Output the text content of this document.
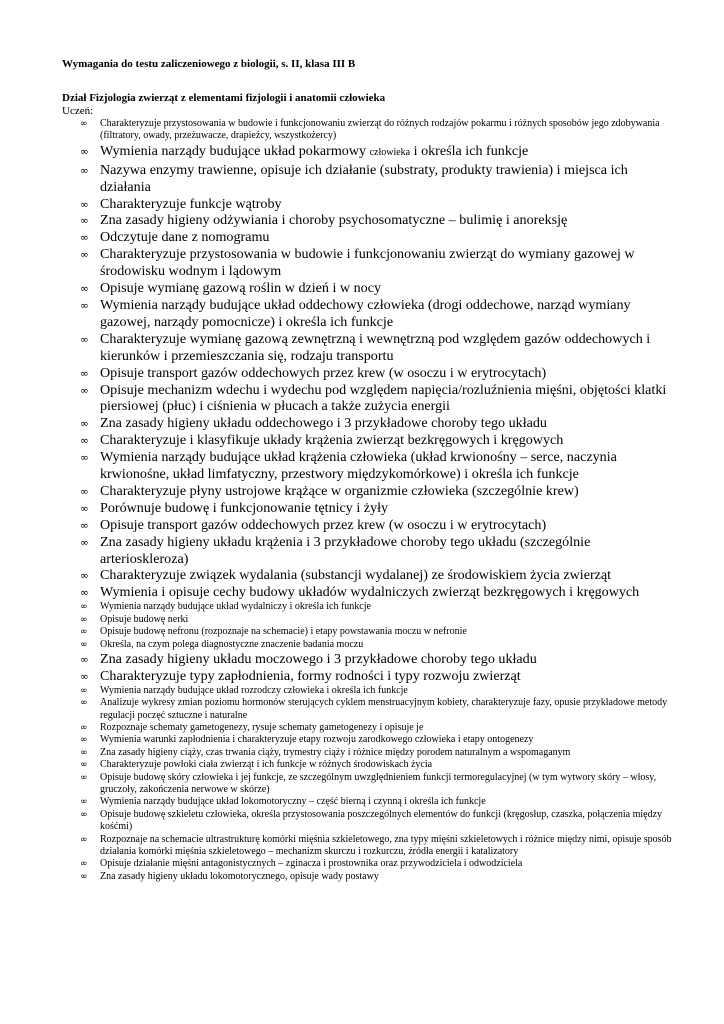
Wymagania do testu zaliczeniowego z biologii, s. II, klasa III B

Dział Fizjologia zwierząt z elementami fizjologii i anatomii człowieka

Uczeń:

∞ Charakteryzuje przystosowania w budowie i funkcjonowaniu zwierząt do różnych rodzajów pokarmu i różnych sposobów jego zdobywania (filtratory, owady, przeżuwacze, drapieżcy, wszystkożercy)
∞ Wymienia narządy budujące układ pokarmowy człowieka i określa ich funkcje
∞ Nazywa enzymy trawienne, opisuje ich działanie (substraty, produkty trawienia) i miejsca ich działania
∞ Charakteryzuje funkcje wątroby
∞ Zna zasady higieny odżywiania i choroby psychosomatyczne – bulimię i anoreksję
∞ Odczytuje dane z nomogramu
∞ Charakteryzuje przystosowania w budowie i funkcjonowaniu zwierząt do wymiany gazowej w środowisku wodnym i lądowym
∞ Opisuje wymianę gazową roślin w dzień i w nocy
∞ Wymienia narządy budujące układ oddechowy człowieka (drogi oddechowe, narząd wymiany gazowej, narządy pomocnicze) i określa ich funkcje
∞ Charakteryzuje wymianę gazową zewnętrzną i wewnętrzną pod względem gazów oddechowych i kierunków i przemieszczania się, rodzaju transportu
∞ Opisuje transport gazów oddechowych przez krew (w osoczu i w erytrocytach)
∞ Opisuje mechanizm wdechu i wydechu pod względem napięcia/rozluźnienia mięśni, objętości klatki piersiowej (płuc) i ciśnienia w płucach a także zużycia energii
∞ Zna zasady higieny układu oddechowego i 3 przykładowe choroby tego układu
∞ Charakteryzuje i klasyfikuje układy krążenia zwierząt bezkręgowych i kręgowych
∞ Wymienia narządy budujące układ krążenia człowieka (układ krwionośny – serce, naczynia krwionośne, układ limfatyczny, przestwory międzykomórkowe) i określa ich funkcje
∞ Charakteryzuje płyny ustrojowe krążące w organizmie człowieka (szczególnie krew)
∞ Porównuje budowę i funkcjonowanie tętnicy i żyły
∞ Opisuje transport gazów oddechowych przez krew (w osoczu i w erytrocytach)
∞ Zna zasady higieny układu krążenia i 3 przykładowe choroby tego układu (szczególnie arterioskleroza)
∞ Charakteryzuje związek wydalania (substancji wydalanej) ze środowiskiem życia zwierząt
∞ Wymienia i opisuje cechy budowy układów wydalniczych zwierząt bezkręgowych i kręgowych
∞ Wymienia narządy budujące układ wydalniczy i określa ich funkcje
∞ Opisuje budowę nerki
∞ Opisuje budowę nefronu (rozpoznaje na schemacie) i etapy powstawania moczu w nefronie
∞ Określa, na czym polega diagnostyczne znaczenie badania moczu
∞ Zna zasady higieny układu moczowego i 3 przykładowe choroby tego układu
∞ Charakteryzuje typy zapłodnienia, formy rodności i typy rozwoju zwierząt
∞ Wymienia narządy budujące układ rozrodczy człowieka i określa ich funkcje
∞ Analizuje wykresy zmian poziomu hormonów sterujących cyklem menstruacyjnym kobiety, charakteryzuje fazy, opusie przykładowe metody regulacji poczęć sztuczne i naturalne
∞ Rozpoznaje schematy gametogenezy, rysuje schematy gametogenezy i opisuje je
∞ Wymienia warunki zapłodnienia i charakteryzuje etapy rozwoju zarodkowego człowieka i etapy ontogenezy
∞ Zna zasady higieny ciąży, czas trwania ciąży, trymestry ciąży i różnice między porodem naturalnym a wspomaganym
∞ Charakteryzuje powłoki ciała zwierząt i ich funkcje w różnych środowiskach życia
∞ Opisuje budowę skóry człowieka i jej funkcje, ze szczególnym uwzględnieniem funkcji termoregulacyjnej (w tym wytwory skóry – włosy, gruczoły, zakończenia nerwowe w skórze)
∞ Wymienia narządy budujące układ lokomotoryczny – część bierną i czynną i określa ich funkcje
∞ Opisuje budowę szkieletu człowieka, określa przystosowania poszczególnych elementów do funkcji (kręgosłup, czaszka, połączenia między kośćmi)
∞ Rozpoznaje na schemacie ultrastrukturę komórki mięśnia szkieletowego, zna typy mięśni szkieletowych i różnice między nimi, opisuje sposób działania komórki mięśnia szkieletowego – mechanizm skurczu i rozkurczu, źródła energii i katalizatory
∞ Opisuje działanie mięśni antagonistycznych – zginacza i prostownika oraz przywodziciela i odwodziciela
∞ Zna zasady higieny układu lokomotorycznego, opisuje wady postawy
